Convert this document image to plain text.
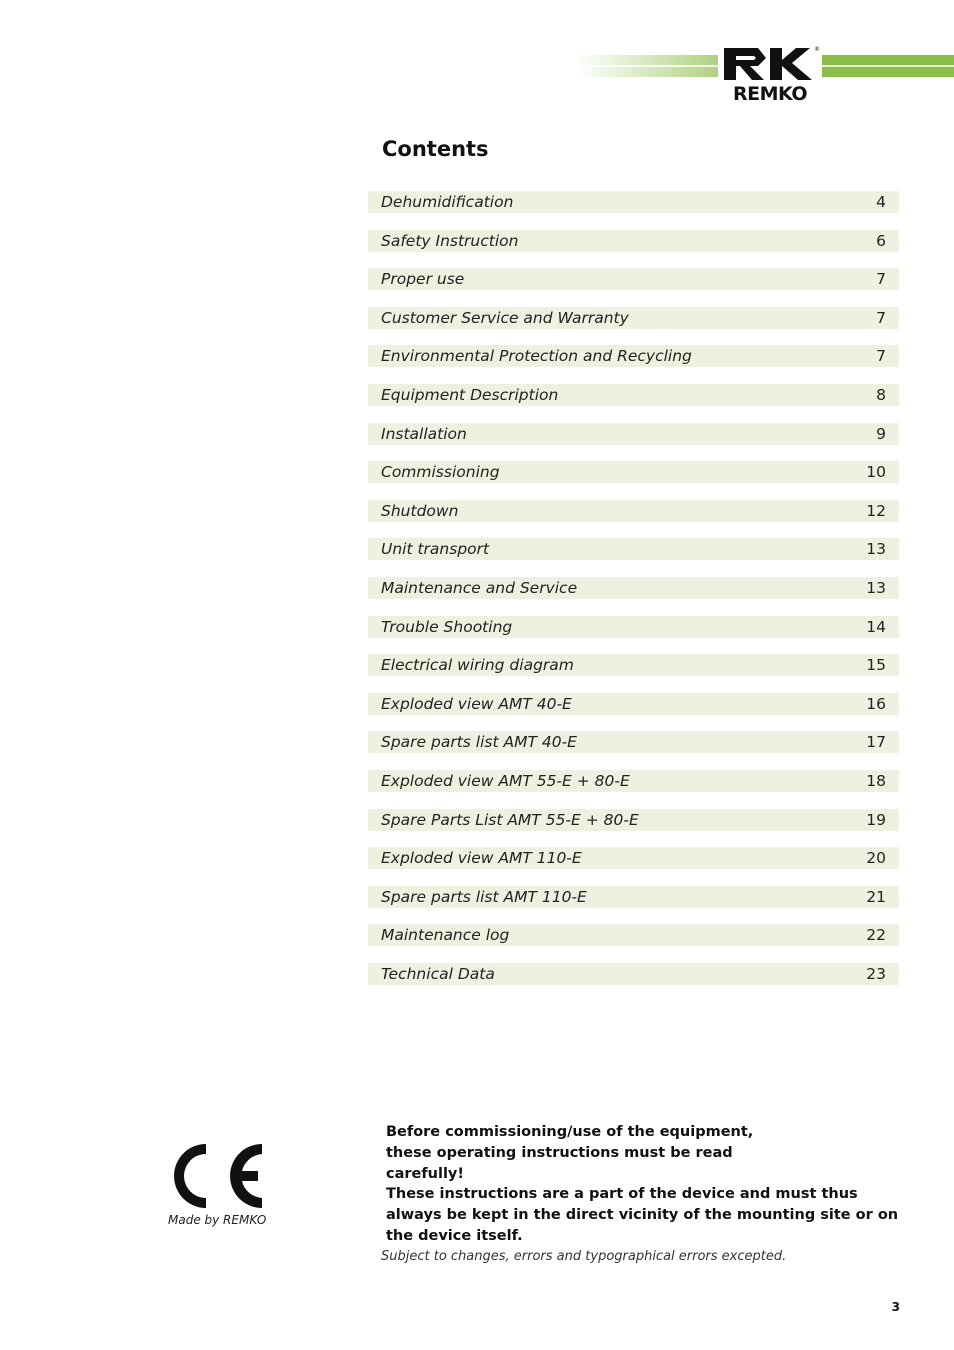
®
REMKO
Contents
Dehumidification	4
Safety Instruction	6
Proper use	7
Customer Service and Warranty	7
Environmental Protection and Recycling	7
Equipment Description	8
Installation	9
Commissioning	10
Shutdown	12
Unit transport	13
Maintenance and Service	13
Trouble Shooting	14
Electrical wiring diagram	15
Exploded view AMT 40-E	16
Spare parts list AMT 40-E	17
Exploded view AMT 55-E + 80-E	18
Spare Parts List AMT 55-E + 80-E	19
Exploded view AMT 110-E	20
Spare parts list AMT 110-E	21
Maintenance log	22
Technical Data	23
Made by REMKO
Before commissioning/use of the equipment, these operating instructions must be read carefully!
These instructions are a part of the device and must thus always be kept in the direct vicinity of the mounting site or on the device itself.
Subject to changes, errors and typographical errors excepted.
3
